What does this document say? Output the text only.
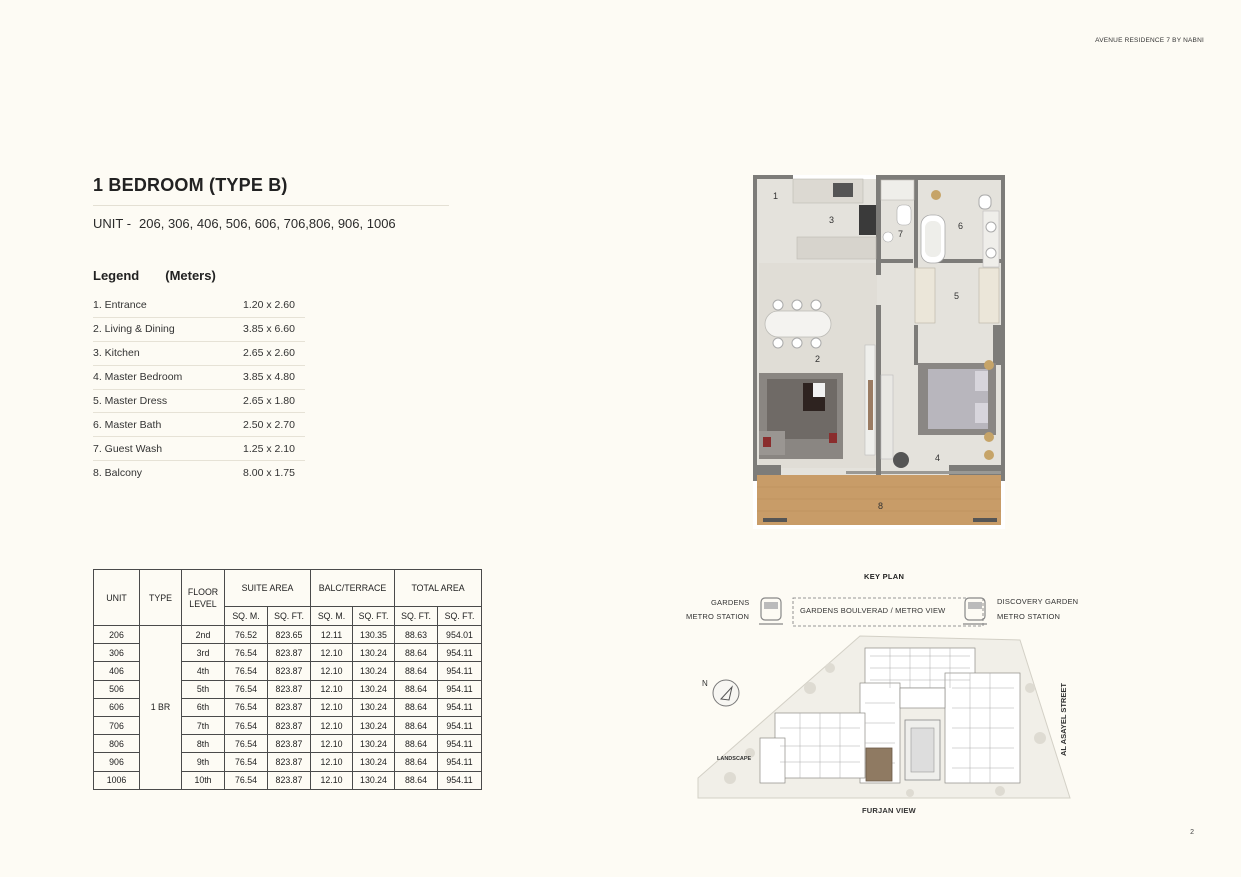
AVENUE RESIDENCE 7 BY NABNI
1 BEDROOM (TYPE B)
UNIT - 206, 306, 406, 506, 606, 706,806, 906, 1006
Legend (Meters)
1. Entrance	1.20 x 2.60
2. Living & Dining	3.85 x 6.60
3. Kitchen	2.65 x 2.60
4. Master Bedroom	3.85 x 4.80
5. Master Dress	2.65 x 1.80
6. Master Bath	2.50 x 2.70
7. Guest Wash	1.25 x 2.10
8. Balcony	8.00 x 1.75
UNIT	TYPE	FLOOR LEVEL	SUITE AREA		BALC/TERRACE		TOTAL AREA	
			SQ. M.	SQ. FT.	SQ. M.	SQ. FT.	SQ. FT.	SQ. FT.
206	1 BR	2nd	76.52	823.65	12.11	130.35	88.63	954.01
306		3rd	76.54	823.87	12.10	130.24	88.64	954.11
406		4th	76.54	823.87	12.10	130.24	88.64	954.11
506		5th	76.54	823.87	12.10	130.24	88.64	954.11
606		6th	76.54	823.87	12.10	130.24	88.64	954.11
706		7th	76.54	823.87	12.10	130.24	88.64	954.11
806		8th	76.54	823.87	12.10	130.24	88.64	954.11
906		9th	76.54	823.87	12.10	130.24	88.64	954.11
1006		10th	76.54	823.87	12.10	130.24	88.64	954.11
1
2
3
4
5
6
7
8
KEY PLAN
GARDENS
METRO STATION
GARDENS BOULVERAD / METRO VIEW
DISCOVERY GARDEN
METRO STATION
FURJAN VIEW
N
LANDSCAPE
AL ASAYEL STREET
2
